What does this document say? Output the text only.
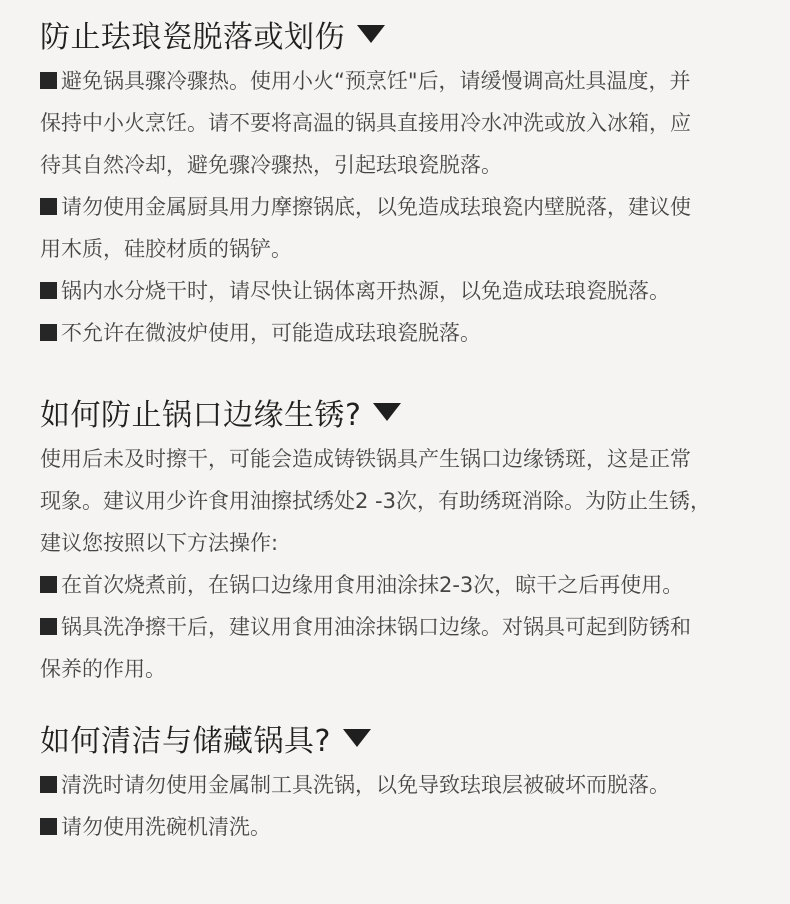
防止珐琅瓷脱落或划伤

避免锅具骤冷骤热。使用小火“预烹饪"后，请缓慢调高灶具温度，并

保持中小火烹饪。请不要将高温的锅具直接用冷水冲洗或放入冰箱，应

待其自然冷却，避免骤冷骤热，引起珐琅瓷脱落。

请勿使用金属厨具用力摩擦锅底，以免造成珐琅瓷内壁脱落，建议使

用木质，硅胶材质的锅铲。

锅内水分烧干时，请尽快让锅体离开热源，以免造成珐琅瓷脱落。

不允许在微波炉使用，可能造成珐琅瓷脱落。

如何防止锅口边缘生锈?

使用后未及时擦干，可能会造成铸铁锅具产生锅口边缘锈斑，这是正常

现象。建议用少许食用油擦拭绣处2 -3次，有助绣斑消除。为防止生锈，

建议您按照以下方法操作:

在首次烧煮前，在锅口边缘用食用油涂抹2-3次，晾干之后再使用。

锅具洗净擦干后，建议用食用油涂抹锅口边缘。对锅具可起到防锈和

保养的作用。

如何清洁与储藏锅具?

清洗时请勿使用金属制工具洗锅，以免导致珐琅层被破坏而脱落。

请勿使用洗碗机清洗。
